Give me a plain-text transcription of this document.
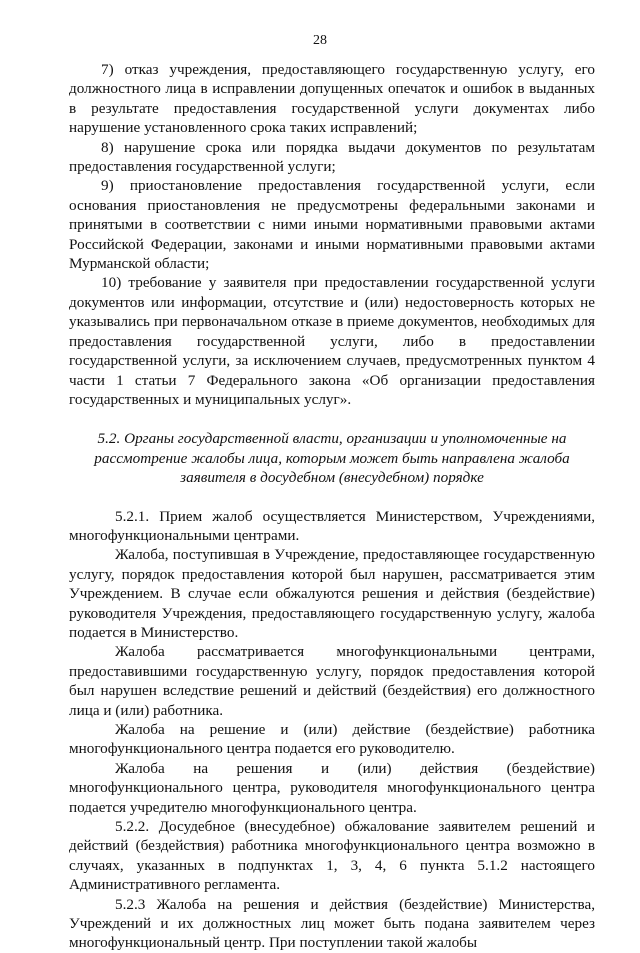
28

7) отказ учреждения, предоставляющего государственную услугу, его должностного лица в исправлении допущенных опечаток и ошибок в выданных в результате предоставления государственной услуги документах либо нарушение установленного срока таких исправлений;

8) нарушение срока или порядка выдачи документов по результатам предоставления государственной услуги;

9) приостановление предоставления государственной услуги, если основания приостановления не предусмотрены федеральными законами и принятыми в соответствии с ними иными нормативными правовыми актами Российской Федерации, законами и иными нормативными правовыми актами Мурманской области;

10) требование у заявителя при предоставлении государственной услуги документов или информации, отсутствие и (или) недостоверность которых не указывались при первоначальном отказе в приеме документов, необходимых для предоставления государственной услуги, либо в предоставлении государственной услуги, за исключением случаев, предусмотренных пунктом 4 части 1 статьи 7 Федерального закона «Об организации предоставления государственных и муниципальных услуг».

5.2. Органы государственной власти, организации и уполномоченные на
рассмотрение жалобы лица, которым может быть направлена жалоба
заявителя в досудебном (внесудебном) порядке

5.2.1. Прием жалоб осуществляется Министерством, Учреждениями, многофункциональными центрами.

Жалоба, поступившая в Учреждение, предоставляющее государственную услугу, порядок предоставления которой был нарушен, рассматривается этим Учреждением. В случае если обжалуются решения и действия (бездействие) руководителя Учреждения, предоставляющего государственную услугу, жалоба подается в Министерство.

Жалоба рассматривается многофункциональными центрами, предоставившими государственную услугу, порядок предоставления которой был нарушен вследствие решений и действий (бездействия) его должностного лица и (или) работника.

Жалоба на решение и (или) действие (бездействие) работника многофункционального центра подается его руководителю.

Жалоба на решения и (или) действия (бездействие) многофункционального центра, руководителя многофункционального центра подается учредителю многофункционального центра.

5.2.2. Досудебное (внесудебное) обжалование заявителем решений и действий (бездействия) работника многофункционального центра возможно в случаях, указанных в подпунктах 1, 3, 4, 6 пункта 5.1.2 настоящего Административного регламента.

5.2.3 Жалоба на решения и действия (бездействие) Министерства, Учреждений и их должностных лиц может быть подана заявителем через многофункциональный центр. При поступлении такой жалобы
